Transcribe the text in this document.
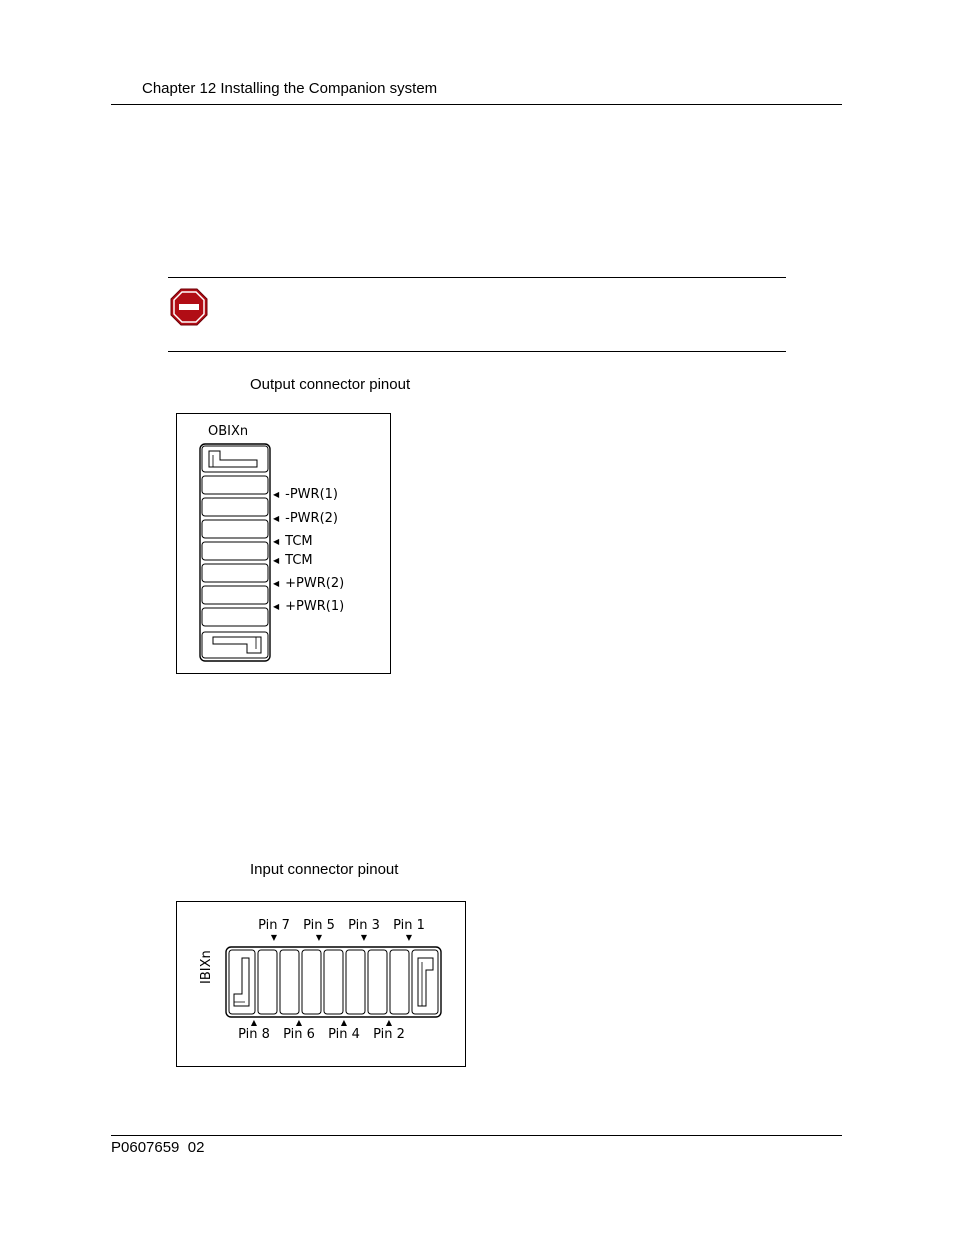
Chapter 12 Installing the Companion system
Output connector pinout
OBIXn
◀ -PWR(1)
◀ -PWR(2)
◀ TCM
◀ TCM
◀ +PWR(2)
◀ +PWR(1)
Input connector pinout
Pin 7
▼
Pin 5
▼
Pin 3
▼
Pin 1
▼
IBIXn
▲
Pin 8
▲
Pin 6
▲
Pin 4
▲
Pin 2
P0607659  02
